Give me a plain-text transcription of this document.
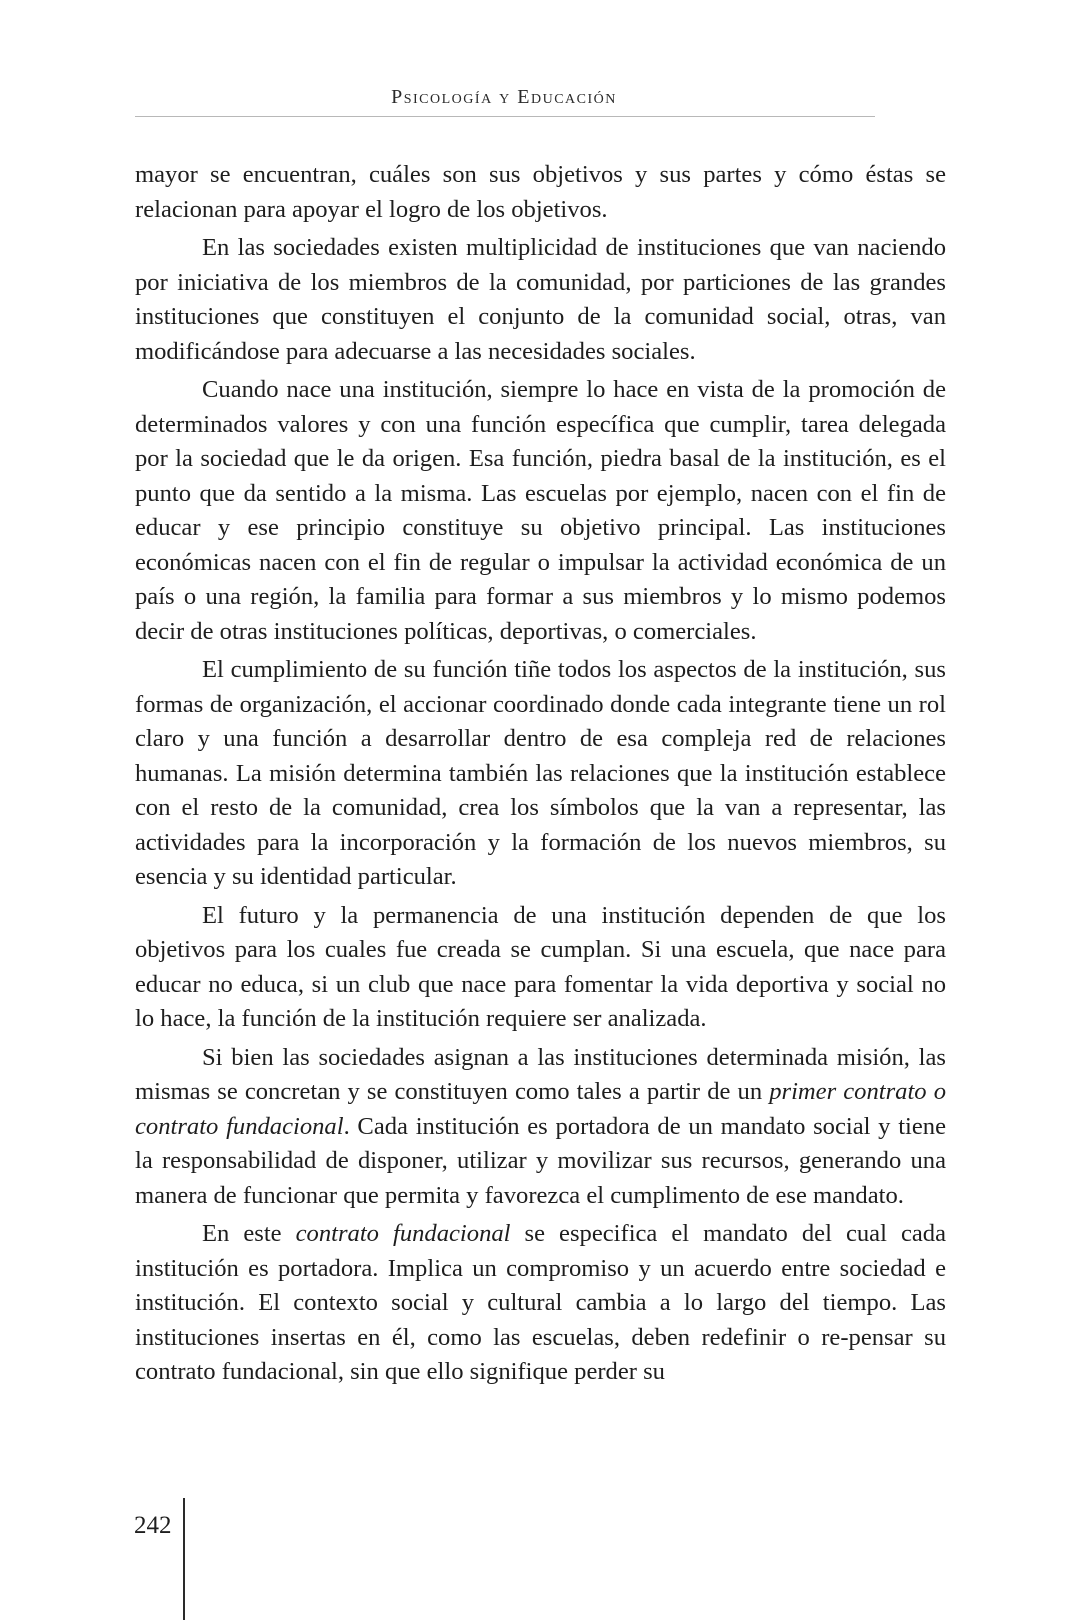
Psicología y Educación

mayor se encuentran, cuáles son sus objetivos y sus partes y cómo éstas se relacionan para apoyar el logro de los objetivos.

En las sociedades existen multiplicidad de instituciones que van naciendo por iniciativa de los miembros de la comunidad, por particiones de las grandes instituciones que constituyen el conjunto de la comunidad social, otras, van modificándose para adecuarse a las necesidades sociales.

Cuando nace una institución, siempre lo hace en vista de la promoción de determinados valores y con una función específica que cumplir, tarea delegada por la sociedad que le da origen. Esa función, piedra basal de la institución, es el punto que da sentido a la misma. Las escuelas por ejemplo, nacen con el fin de educar y ese principio constituye su objetivo principal. Las instituciones económicas nacen con el fin de regular o impulsar la actividad económica de un país o una región, la familia para formar a sus miembros y lo mismo podemos decir de otras instituciones políticas, deportivas, o comerciales.

El cumplimiento de su función tiñe todos los aspectos de la institución, sus formas de organización, el accionar coordinado donde cada integrante tiene un rol claro y una función a desarrollar dentro de esa compleja red de relaciones humanas. La misión determina también las relaciones que la institución establece con el resto de la comunidad, crea los símbolos que la van a representar, las actividades para la incorporación y la formación de los nuevos miembros, su esencia y su identidad particular.

El futuro y la permanencia de una institución dependen de que los objetivos para los cuales fue creada se cumplan. Si una escuela, que nace para educar no educa, si un club que nace para fomentar la vida deportiva y social no lo hace, la función de la institución requiere ser analizada.

Si bien las sociedades asignan a las instituciones determinada misión, las mismas se concretan y se constituyen como tales a partir de un primer contrato o contrato fundacional. Cada institución es portadora de un mandato social y tiene la responsabilidad de disponer, utilizar y movilizar sus recursos, generando una manera de funcionar que permita y favorezca el cumplimento de ese mandato.

En este contrato fundacional se especifica el mandato del cual cada institución es portadora. Implica un compromiso y un acuerdo entre sociedad e institución. El contexto social y cultural cambia a lo largo del tiempo. Las instituciones insertas en él, como las escuelas, deben redefinir o re-pensar su contrato fundacional, sin que ello signifique perder su

242
